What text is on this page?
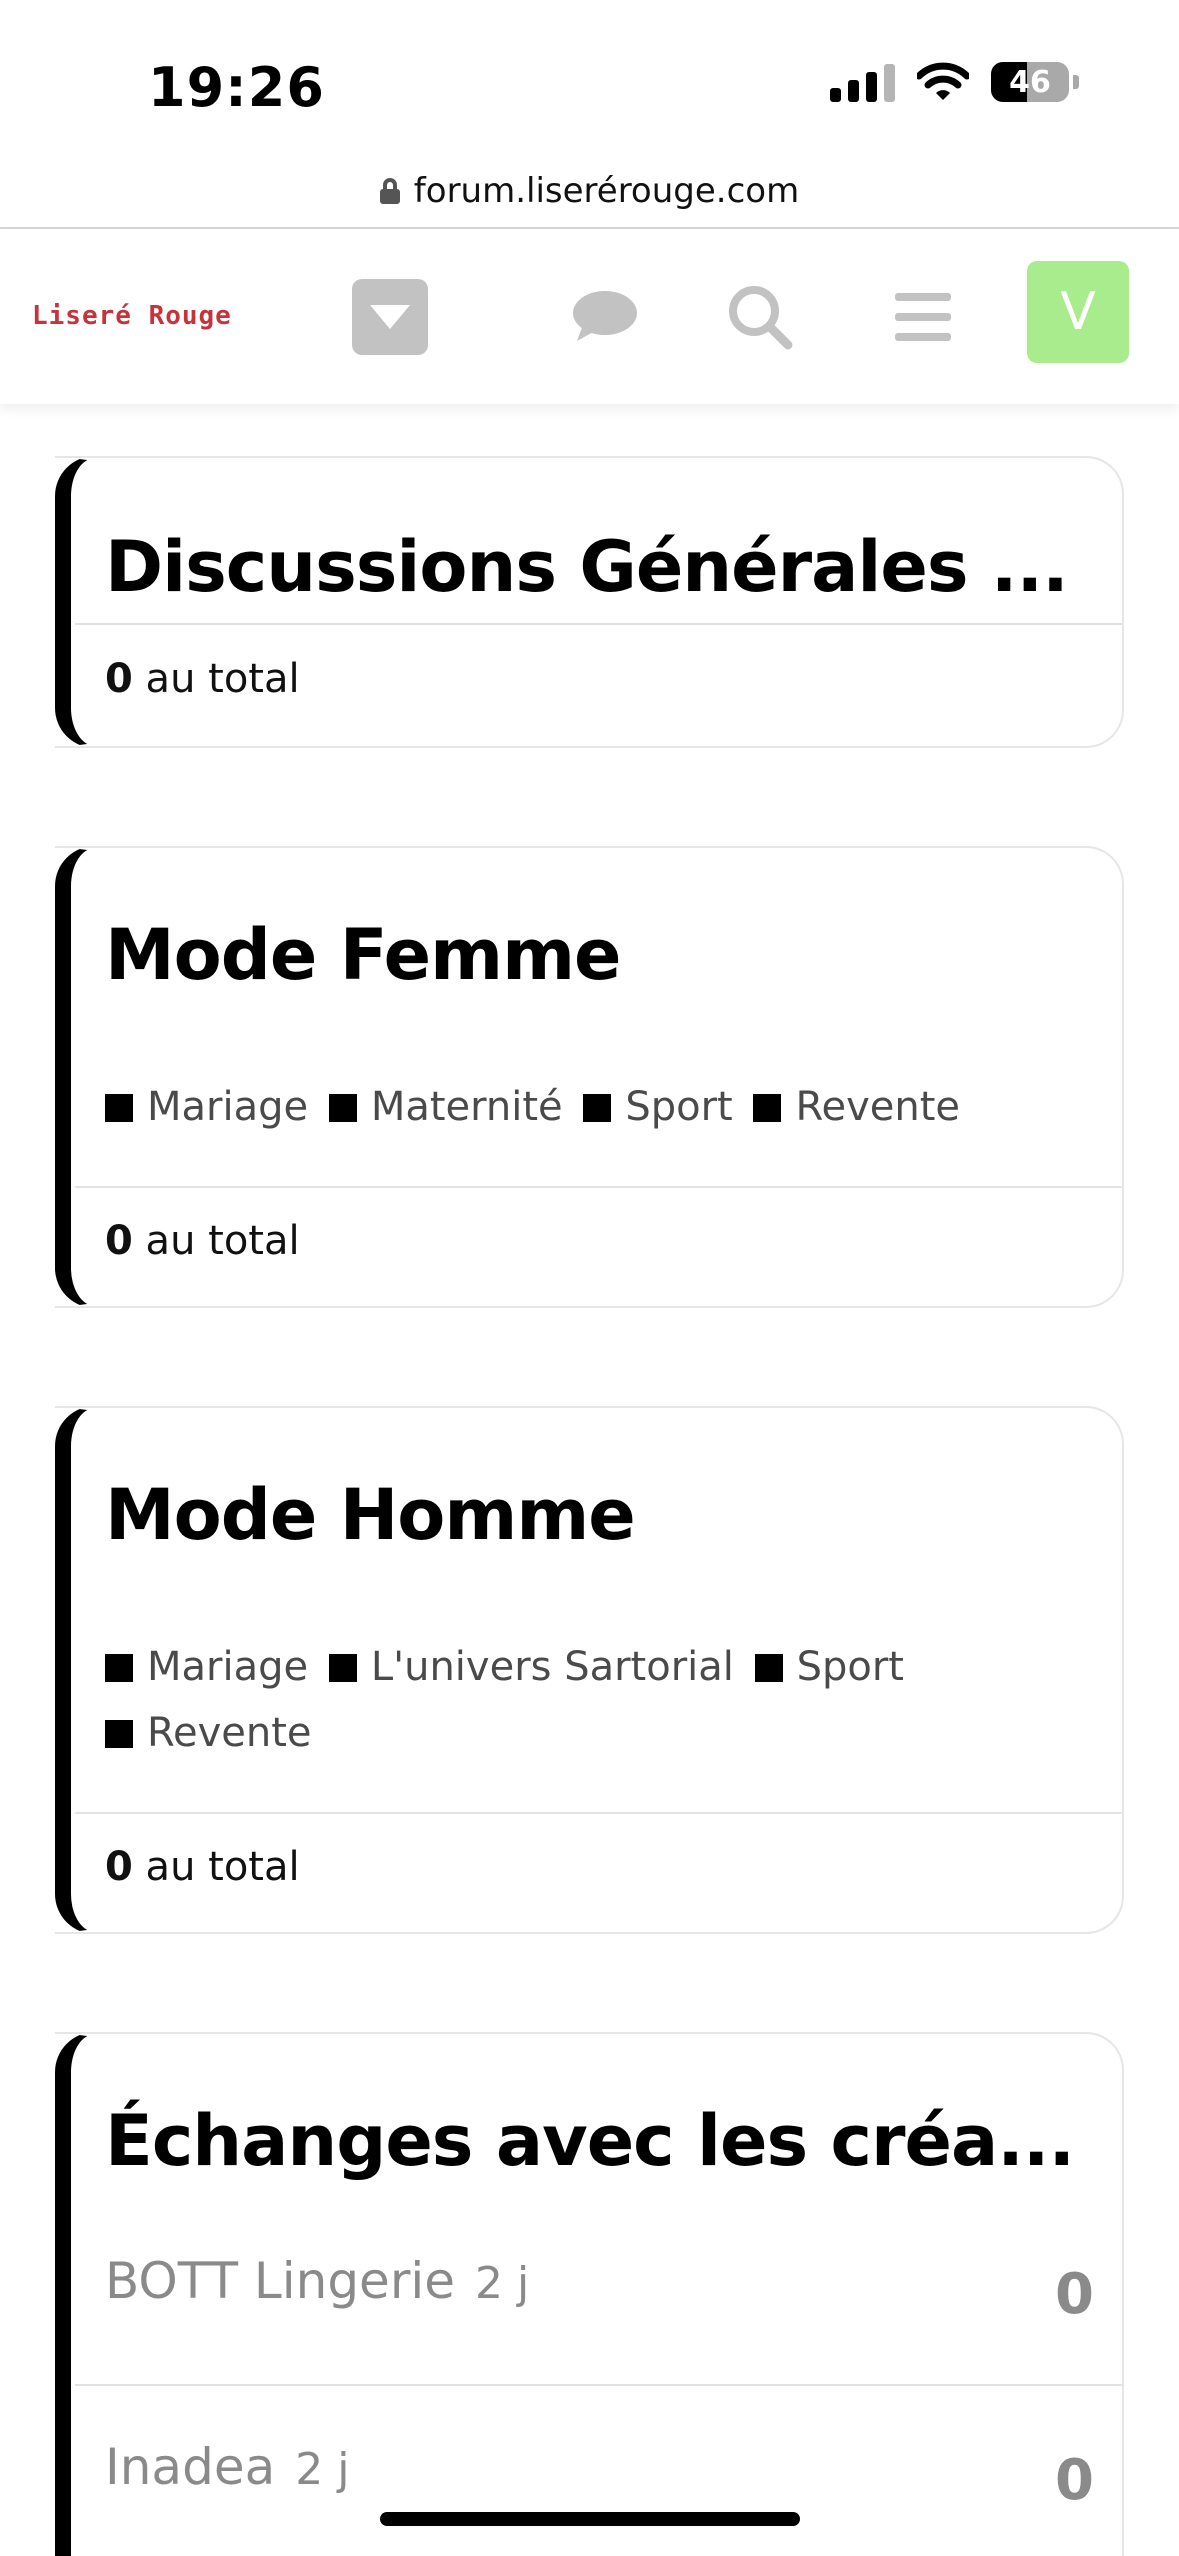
19:26	46
forum.liserérouge.com
Liseré Rouge	V
Discussions Générales ...
0 au total
Mode Femme
Mariage Maternité Sport Revente
0 au total
Mode Homme
Mariage L'univers Sartorial Sport Revente
0 au total
Échanges avec les créa...
BOTT Lingerie 2 j	0
Inadea 2 j	0
